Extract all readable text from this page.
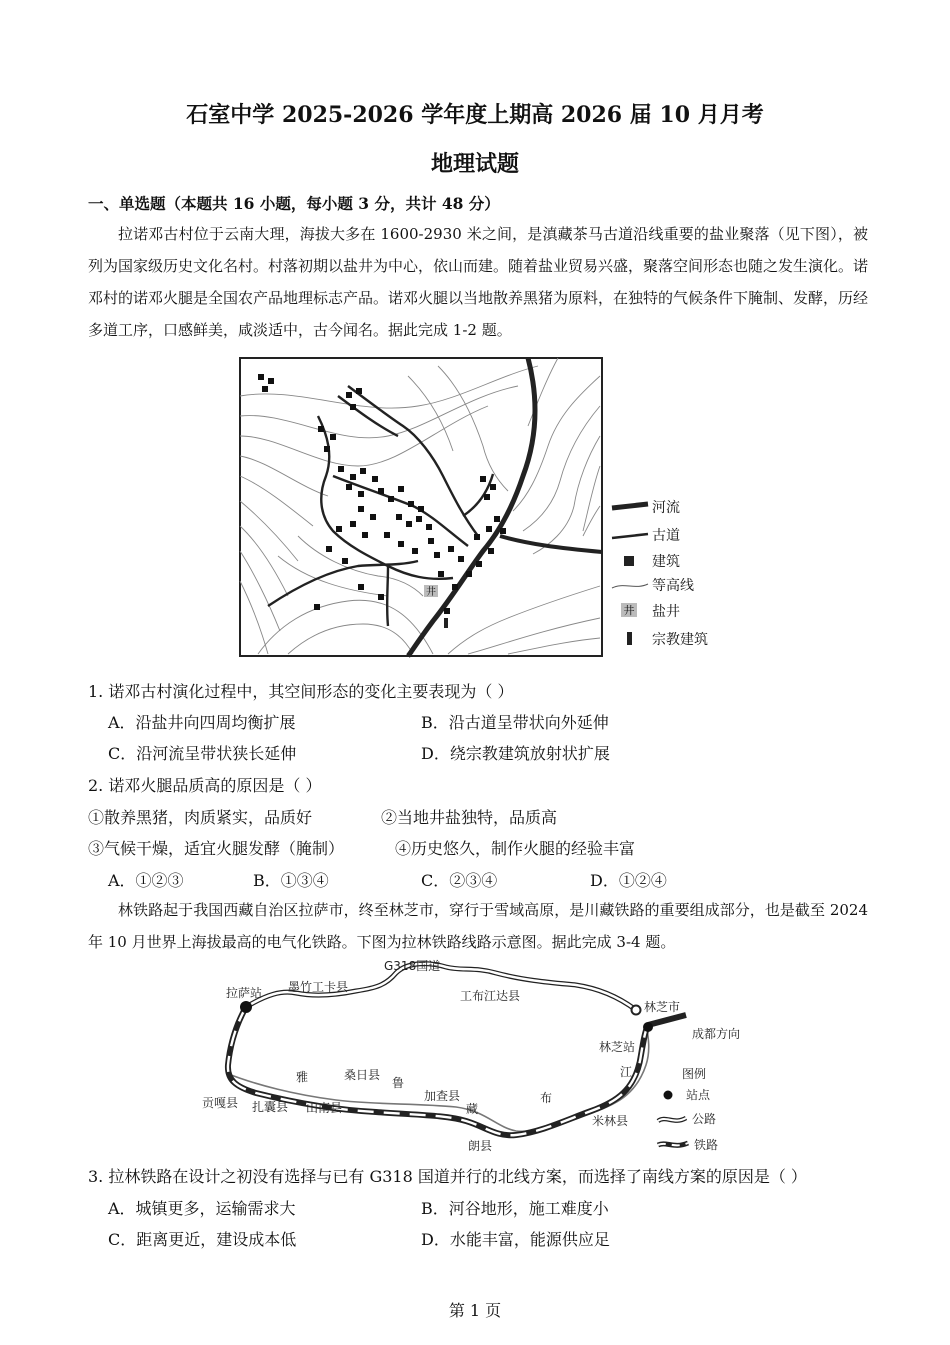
石室中学 2025-2026 学年度上期高 2026 届 10 月月考
地理试题
一、单选题（本题共 16 小题，每小题 3 分，共计 48 分）

拉诺邓古村位于云南大理，海拔大多在 1600-2930 米之间，是滇藏茶马古道沿线重要的盐业聚落（见下图），被列为国家级历史文化名村。村落初期以盐井为中心，依山而建。随着盐业贸易兴盛，聚落空间形态也随之发生演化。诺邓村的诺邓火腿是全国农产品地理标志产品。诺邓火腿以当地散养黑猪为原料，在独特的气候条件下腌制、发酵，历经多道工序，口感鲜美，咸淡适中，古今闻名。据此完成 1-2 题。

井
河流
古道
建筑
等高线
井 盐井
宗教建筑
1. 诺邓古村演化过程中，其空间形态的变化主要表现为（ ）
A．沿盐井向四周均衡扩展	B．沿古道呈带状向外延伸
C．沿河流呈带状狭长延伸	D．绕宗教建筑放射状扩展
2. 诺邓火腿品质高的原因是（ ）
①散养黑猪，肉质紧实，品质好	②当地井盐独特，品质高
③气候干燥，适宜火腿发酵（腌制）	④历史悠久，制作火腿的经验丰富
A．①②③	B．①③④	C．②③④	D．①②④

林铁路起于我国西藏自治区拉萨市，终至林芝市，穿行于雪域高原，是川藏铁路的重要组成部分，也是截至 2024 年 10 月世界上海拔最高的电气化铁路。下图为拉林铁路线路示意图。据此完成 3-4 题。

G318国道
墨竹工卡县
工布江达县
拉萨站
林芝市
成都方向
林芝站
江
雅	桑日县
鲁
加查县
藏
布
贡嘎县 扎囊县 山南县
朗县
米林县
图例
站点
公路
铁路
3. 拉林铁路在设计之初没有选择与已有 G318 国道并行的北线方案，而选择了南线方案的原因是（ ）
A．城镇更多，运输需求大	B．河谷地形，施工难度小
C．距离更近，建设成本低	D．水能丰富，能源供应足
第 1 页
